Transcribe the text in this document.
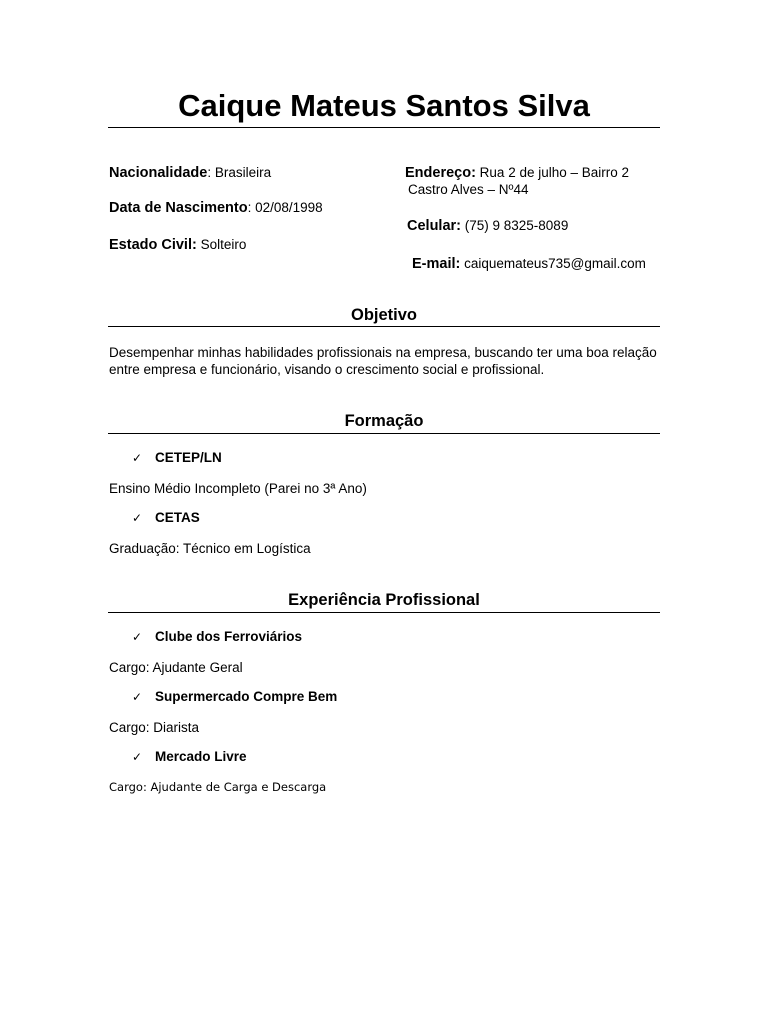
Caique Mateus Santos Silva
Nacionalidade: Brasileira
Data de Nascimento: 02/08/1998
Estado Civil: Solteiro
Endereço: Rua 2 de julho – Bairro 2
Castro Alves – Nº44
Celular: (75) 9 8325-8089
E-mail: caiquemateus735@gmail.com
Objetivo
Desempenhar minhas habilidades profissionais na empresa, buscando ter uma boa relação entre empresa e funcionário, visando o crescimento social e profissional.
Formação
✓ CETEP/LN
Ensino Médio Incompleto (Parei no 3ª Ano)
✓ CETAS
Graduação: Técnico em Logística
Experiência Profissional
✓ Clube dos Ferroviários
Cargo: Ajudante Geral
✓ Supermercado Compre Bem
Cargo: Diarista
✓ Mercado Livre
Cargo: Ajudante de Carga e Descarga
